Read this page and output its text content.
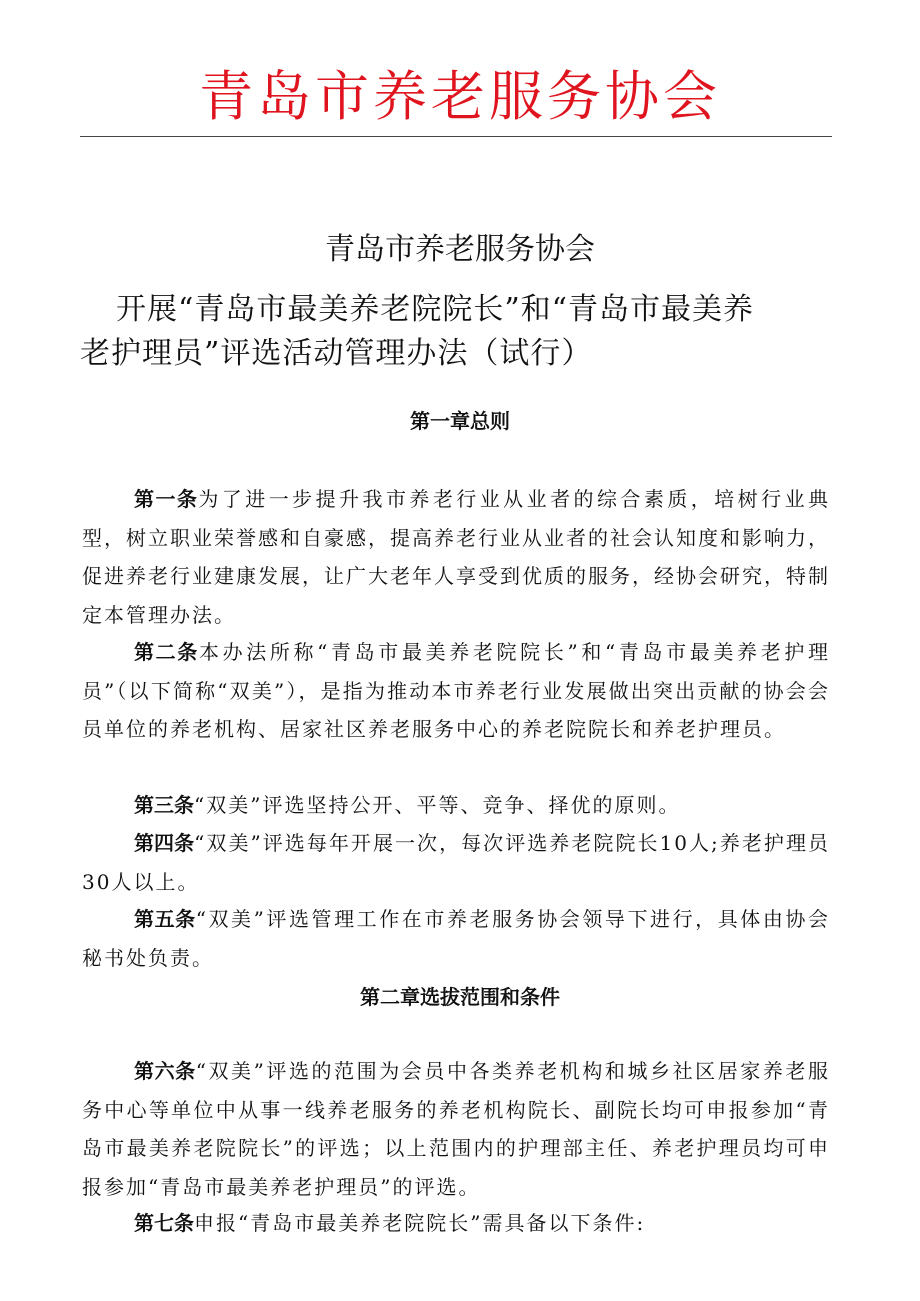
青岛市养老服务协会
青岛市养老服务协会
开展“青岛市最美养老院院长”和“青岛市最美养
老护理员”评选活动管理办法（试行）
第一章总则

第一条为了进一步提升我市养老行业从业者的综合素质，培树行业典型，树立职业荣誉感和自豪感，提高养老行业从业者的社会认知度和影响力，促进养老行业建康发展，让广大老年人享受到优质的服务，经协会研究，特制定本管理办法。

第二条本办法所称“青岛市最美养老院院长”和“青岛市最美养老护理员”（以下简称“双美”），是指为推动本市养老行业发展做出突出贡献的协会会员单位的养老机构、居家社区养老服务中心的养老院院长和养老护理员。

第三条“双美”评选坚持公开、平等、竞争、择优的原则。

第四条“双美”评选每年开展一次，每次评选养老院院长10人;养老护理员30人以上。

第五条“双美”评选管理工作在市养老服务协会领导下进行，具体由协会秘书处负责。

第二章选拔范围和条件

第六条“双美”评选的范围为会员中各类养老机构和城乡社区居家养老服务中心等单位中从事一线养老服务的养老机构院长、副院长均可申报参加“青岛市最美养老院院长”的评选；以上范围内的护理部主任、养老护理员均可申报参加“青岛市最美养老护理员”的评选。

第七条申报“青岛市最美养老院院长”需具备以下条件:
